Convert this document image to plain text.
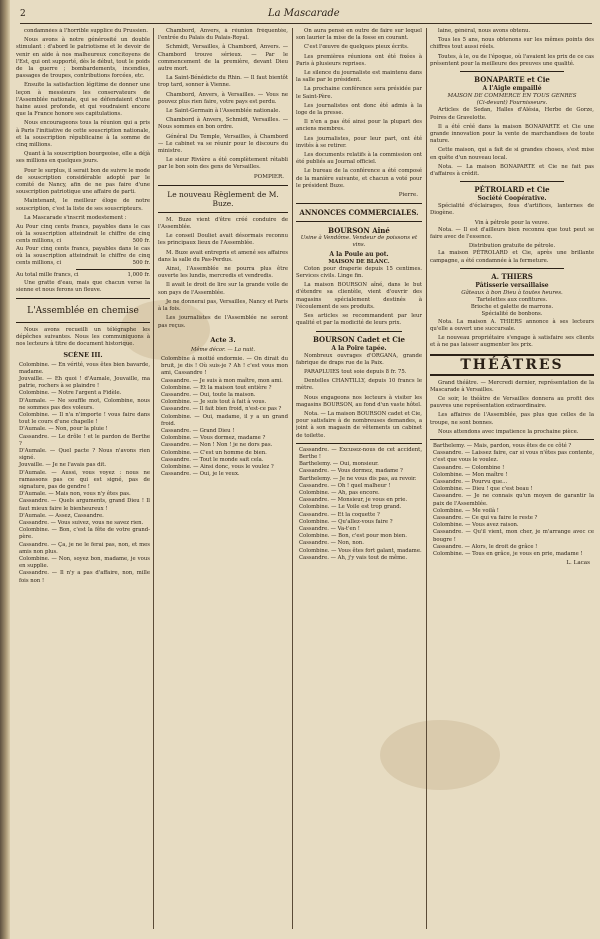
2	La Mascarade

condamnées à l'horrible supplice du Prussien.

Nous avons à notre générosité un double stimulant : d'abord le patriotisme et le devoir de venir en aide à nos malheureux concitoyens de l'Est, qui ont supporté, dès le début, tout le poids de la guerre ; bombardements, incendies, passages de troupes, contributions forcées, etc.

Ensuite la satisfaction légitime de donner une leçon à messieurs les conservateurs de l'Assemblée nationale, qui se défendaient d'une haine aussi profonde, et qui voudraient encore que la France honore ses capitulations.

Nous encourageons tous la réunion qui a pris à Paris l'initiative de cette souscription nationale, et la souscription républicaine à la somme de cinq millions.

Quant à la souscription bourgeoise, elle a déjà ses millions en quelques jours.

Pour le surplus, il serait bon de suivre le mode de souscription considérable adopté par le comité de Nancy, afin de ne pas faire d'une souscription patriotique une affaire de parti.

Maintenant, le meilleur éloge de notre souscription, c'est la liste de ses souscripteurs.

La Mascarade s'inscrit modestement :

Au Pour cinq cents francs, payables dans le cas où la souscription atteindrait le chiffre de cinq cents millions, ci	500 fr.
Au Pour cinq cents francs, payables dans le cas où la souscription atteindrait le chiffre de cinq cents millions, ci	500 fr.
Au total mille francs, ci	1,000 fr.

Une gratte d'eau, mais que chacun verse la sienne et nous ferons un fleuve.

L'Assemblée en chemise

Nous avons recueilli un télégraphe les dépêches suivantes. Nous les communiquons à nos lecteurs à titre de document historique.

SCÈNE III.

Colombine. — En vérité, vous êtes bien bavarde, madame.

Jouvaille. — Eh quoi ! d'Aumale, Jouvaille, ma patrie, rochers à se plaindre !

Colombine. — Notre l'argent a Fidèle.

D'Aumale. — Ne souffle mot, Colombine, nous ne sommes pas des voleurs.

Colombine. — Il n'a n'importe ! vous faire dans tout le cours d'une chapelle !

D'Aumale. — Non, pour la pluie !

Cassandre. — Le drôle ! et le pardon de Berthe ?

D'Aumale. — Quel pacte ? Nous n'avons rien signé.

Jouvaille. — Je ne l'avais pas dit.

D'Aumale. — Aussi, vous voyez : nous ne ramassons pas ce qui est signé, pas de signature, pas de gendre !

D'Aumale. — Mais non, vous n'y êtes pas.

Cassandre. — Quels arguments, grand Dieu ! Il faut mieux faire le bienheureux !

D'Aumale. — Assez, Cassandre.

Cassandre. — Vous suivez, vous ne savez rien.

Colombine. — Bon, c'est la fête de votre grand-père.

Cassandre. — Ça, je ne le ferai pas, non, et mes amis non plus.

Colombine. — Non, soyez bon, madame, je vous en supplie.

Cassandre. — Il n'y a pas d'affaire, non, mille fois non !

Chambord, Anvers, à réunion fréquentée, l'entrée du Palais du Palais-Royal.

Schmidt, Versailles, à Chambord, Anvers. — Chambord trouve sérieux. — Par le commencement de la première, devant Dieu autre mort.

La Saint-Bénédicte du Rhin. — Il faut bientôt trop tard, sonner à Vienne.

Chambord, Anvers, à Versailles. — Vous ne pouvez plus rien faire, votre pays est perdu.

Le Saint-Germain à l'Assemblée nationale.

Chambord à Anvers, Schmidt, Versailles. — Nous sommes en bon ordre.

Général Du Temple, Versailles, à Chambord — Le cabinet va se réunir pour le discours du ministre.

Le sieur Rivière a été complètement rétabli par le bon soin des gens de Versailles.

POMPIER.
Le nouveau Règlement de M. Buze.

M. Buze vient d'être créé conduire de l'Assemblée.

Le conseil Douliet avait désormais reconnu les principaux lieux de l'Assemblée.

M. Buze avait entrepris et amené ses affaires dans la salle du Pas-Perdus.

Ainsi, l'Assemblée ne pourra plus être ouverte les lundis, mercredis et vendredis.

Il avait le droit de lire sur la grande voile de son pays de l'Assemblée.

Je ne donnerai pas, Versailles, Nancy et Paris à la fois.

Les journalistes de l'Assemblée ne seront pas reçus.

Acte 3.
Même décor. — La nuit.

Colombine à moitié endormie. — On dirait du bruit, je dis ! Où suis-je ? Ah ! c'est vous mon ami, Cassandre !

Cassandre. — Je suis à mon maître, mon ami.

Colombine. — Et la maison tout entière ?

Cassandre. — Oui, toute la maison.

Colombine. — Je suis tout à fait à vous.

Cassandre. — Il fait bien froid, n'est-ce pas ?

Colombine. — Oui, madame, il y a un grand froid.

Cassandre. — Grand Dieu !

Colombine. — Vous dormez, madame ?

Cassandre. — Non ! Non ! je ne dors pas.

Colombine. — C'est un homme de bien.

Cassandre. — Tout le monde sait cela.

Colombine. — Ainsi donc, vous le voulez ?

Cassandre. — Oui, je le veux.

On aura pensé en outre de faire sur lequel son laurier la mise de la fosse en courant.

C'est l'œuvre de quelques pieux écrits.

Les premières réunions ont été fixées à Paris à plusieurs reprises.

Le silence du journaliste est maintenu dans la salle par le président.

La prochaine conférence sera présidée par le Saint-Père.

Les journalistes ont donc été admis à la loge de la presse.

Il n'en a pas été ainsi pour la plupart des anciens membres.

Les journalistes, pour leur part, ont été invités à se retirer.

Les documents relatifs à la commission ont été publiés au Journal officiel.

Le bureau de la conférence a été composé de la manière suivante, et chacun a voté pour le président Buze.

Pierre.
ANNONCES COMMERCIALES.
BOURSON Aîné
Usine à Vendôme. Vendeur de poissons et vins.
A la Poule au pot.
MAISON DE BLANC.

Coton pour draperie depuis 15 centimes. Services civils. Linge fin.

La maison BOURSON aîné, dans le but d'étendre sa clientèle, vient d'ouvrir des magasins spécialement destinés à l'écoulement de ses produits.

Ses articles se recommandent par leur qualité et par la modicité de leurs prix.

BOURSON Cadet et Cie
A la Poire tapée.

Nombreux ouvrages d'ORGANA, grande fabrique de draps rue de la Paix.

PARAPLUIES tout soie depuis 8 fr. 75.

Dentelles CHANTILLY, depuis 10 francs le mètre.

Nous engageons nos lecteurs à visiter les magasins BOURSON, au fond d'un vaste hôtel.

Nota. — La maison BOURSON cadet et Cie, pour satisfaire à de nombreuses demandes, a joint à son magasin de vêtements un cabinet de toilette.

Cassandre. — Excusez-nous de cet accident, Berthe !

Barthelemy. — Oui, monsieur.

Cassandre. — Vous dormez, madame ?

Barthelemy. — Je ne vous dis pas, au revoir.

Cassandre. — Oh ! quel malheur !

Colombine. — Ah, pas encore.

Cassandre. — Monsieur, je vous en prie.

Colombine. — Le Voile est trop grand.

Cassandre. — Et la coquette ?

Colombine. — Qu'allez-vous faire ?

Cassandre. — Va-t'en !

Colombine. — Bon, c'est pour mon bien.

Cassandre. — Non, non.

Colombine. — Vous êtes fort galant, madame.

Cassandre. — Ah, j'y vais tout de même.

laine, général, nous avons obtenu.

Tous les 5 ans, nous obtenons sur les mêmes points des chiffres tout aussi réels.

Toutes, à le, ou de l'époque, où l'avaient les prix de ce cas présentent pour la meilleure des preuves une qualité.

BONAPARTE et Cie
A l'Aigle empaillé
MAISON DE COMMERCE EN TOUS GENRES
(Ci-devant) Fournisseurs.

Articles de Sedan, Halles d'Alésia, Herbe de Gorze, Poires de Gravelotte.

Il a été créé dans la maison BONAPARTE et Cie une grande innovation pour la vente de marchandises de toute nature.

Cette maison, qui a fait de si grandes choses, s'est mise en quête d'un nouveau local.

Nota. — La maison BONAPARTE et Cie ne fait pas d'affaires à crédit.

PÉTROLARD et Cie
Société Coopérative.

Spécialité d'éclairages, fous d'artifices, lanternes de Diogène.

Vin à pétrole pour la veuve.

Nota. — Il est d'ailleurs bien reconnu que tout peut se faire avec de l'essence.

Distribution gratuite de pétrole.

La maison PÉTROLARD et Cie, après une brillante campagne, a été condamnée à la fermeture.

A. THIERS
Pâtisserie versaillaise
Gâteaux à bon Dieu à toutes heures.

Tartelettes aux confitures.

Brioche et galette de marrons.

Spécialité de bonbons.

Nota. La maison A. THIERS annonce à ses lecteurs qu'elle a ouvert une succursale.

Le nouveau propriétaire s'engage à satisfaire ses clients et à ne pas laisser augmenter les prix.

THÉÂTRES

Grand théâtre. — Mercredi dernier, représentation de la Mascarade à Versailles.

Ce soir, le théâtre de Versailles donnera au profit des pauvres une représentation extraordinaire.

Les affaires de l'Assemblée, pas plus que celles de la troupe, ne sont bonnes.

Nous attendons avec impatience la prochaine pièce.

Barthelemy. — Mais, pardon, vous êtes de ce côté ?

Cassandre. — Laissez faire, car si vous n'êtes pas contente, c'est que vous le voulez.

Cassandre. — Colombine !

Colombine. — Mon maître !

Cassandre. — Pourvu que...

Colombine. — Dieu ! que c'est beau !

Cassandre. — Je ne connais qu'un moyen de garantir la paix de l'Assemblée.

Colombine. — Me voilà !

Cassandre. — Ce qui va faire le reste ?

Colombine. — Vous avez raison.

Cassandre. — Qu'il vient, mon cher, je m'arrange avec ce bougre !

Cassandre. — Alors, le droit de grâce !

Colombine. — Tous en grâce, je vous en prie, madame !

L. Lacas
